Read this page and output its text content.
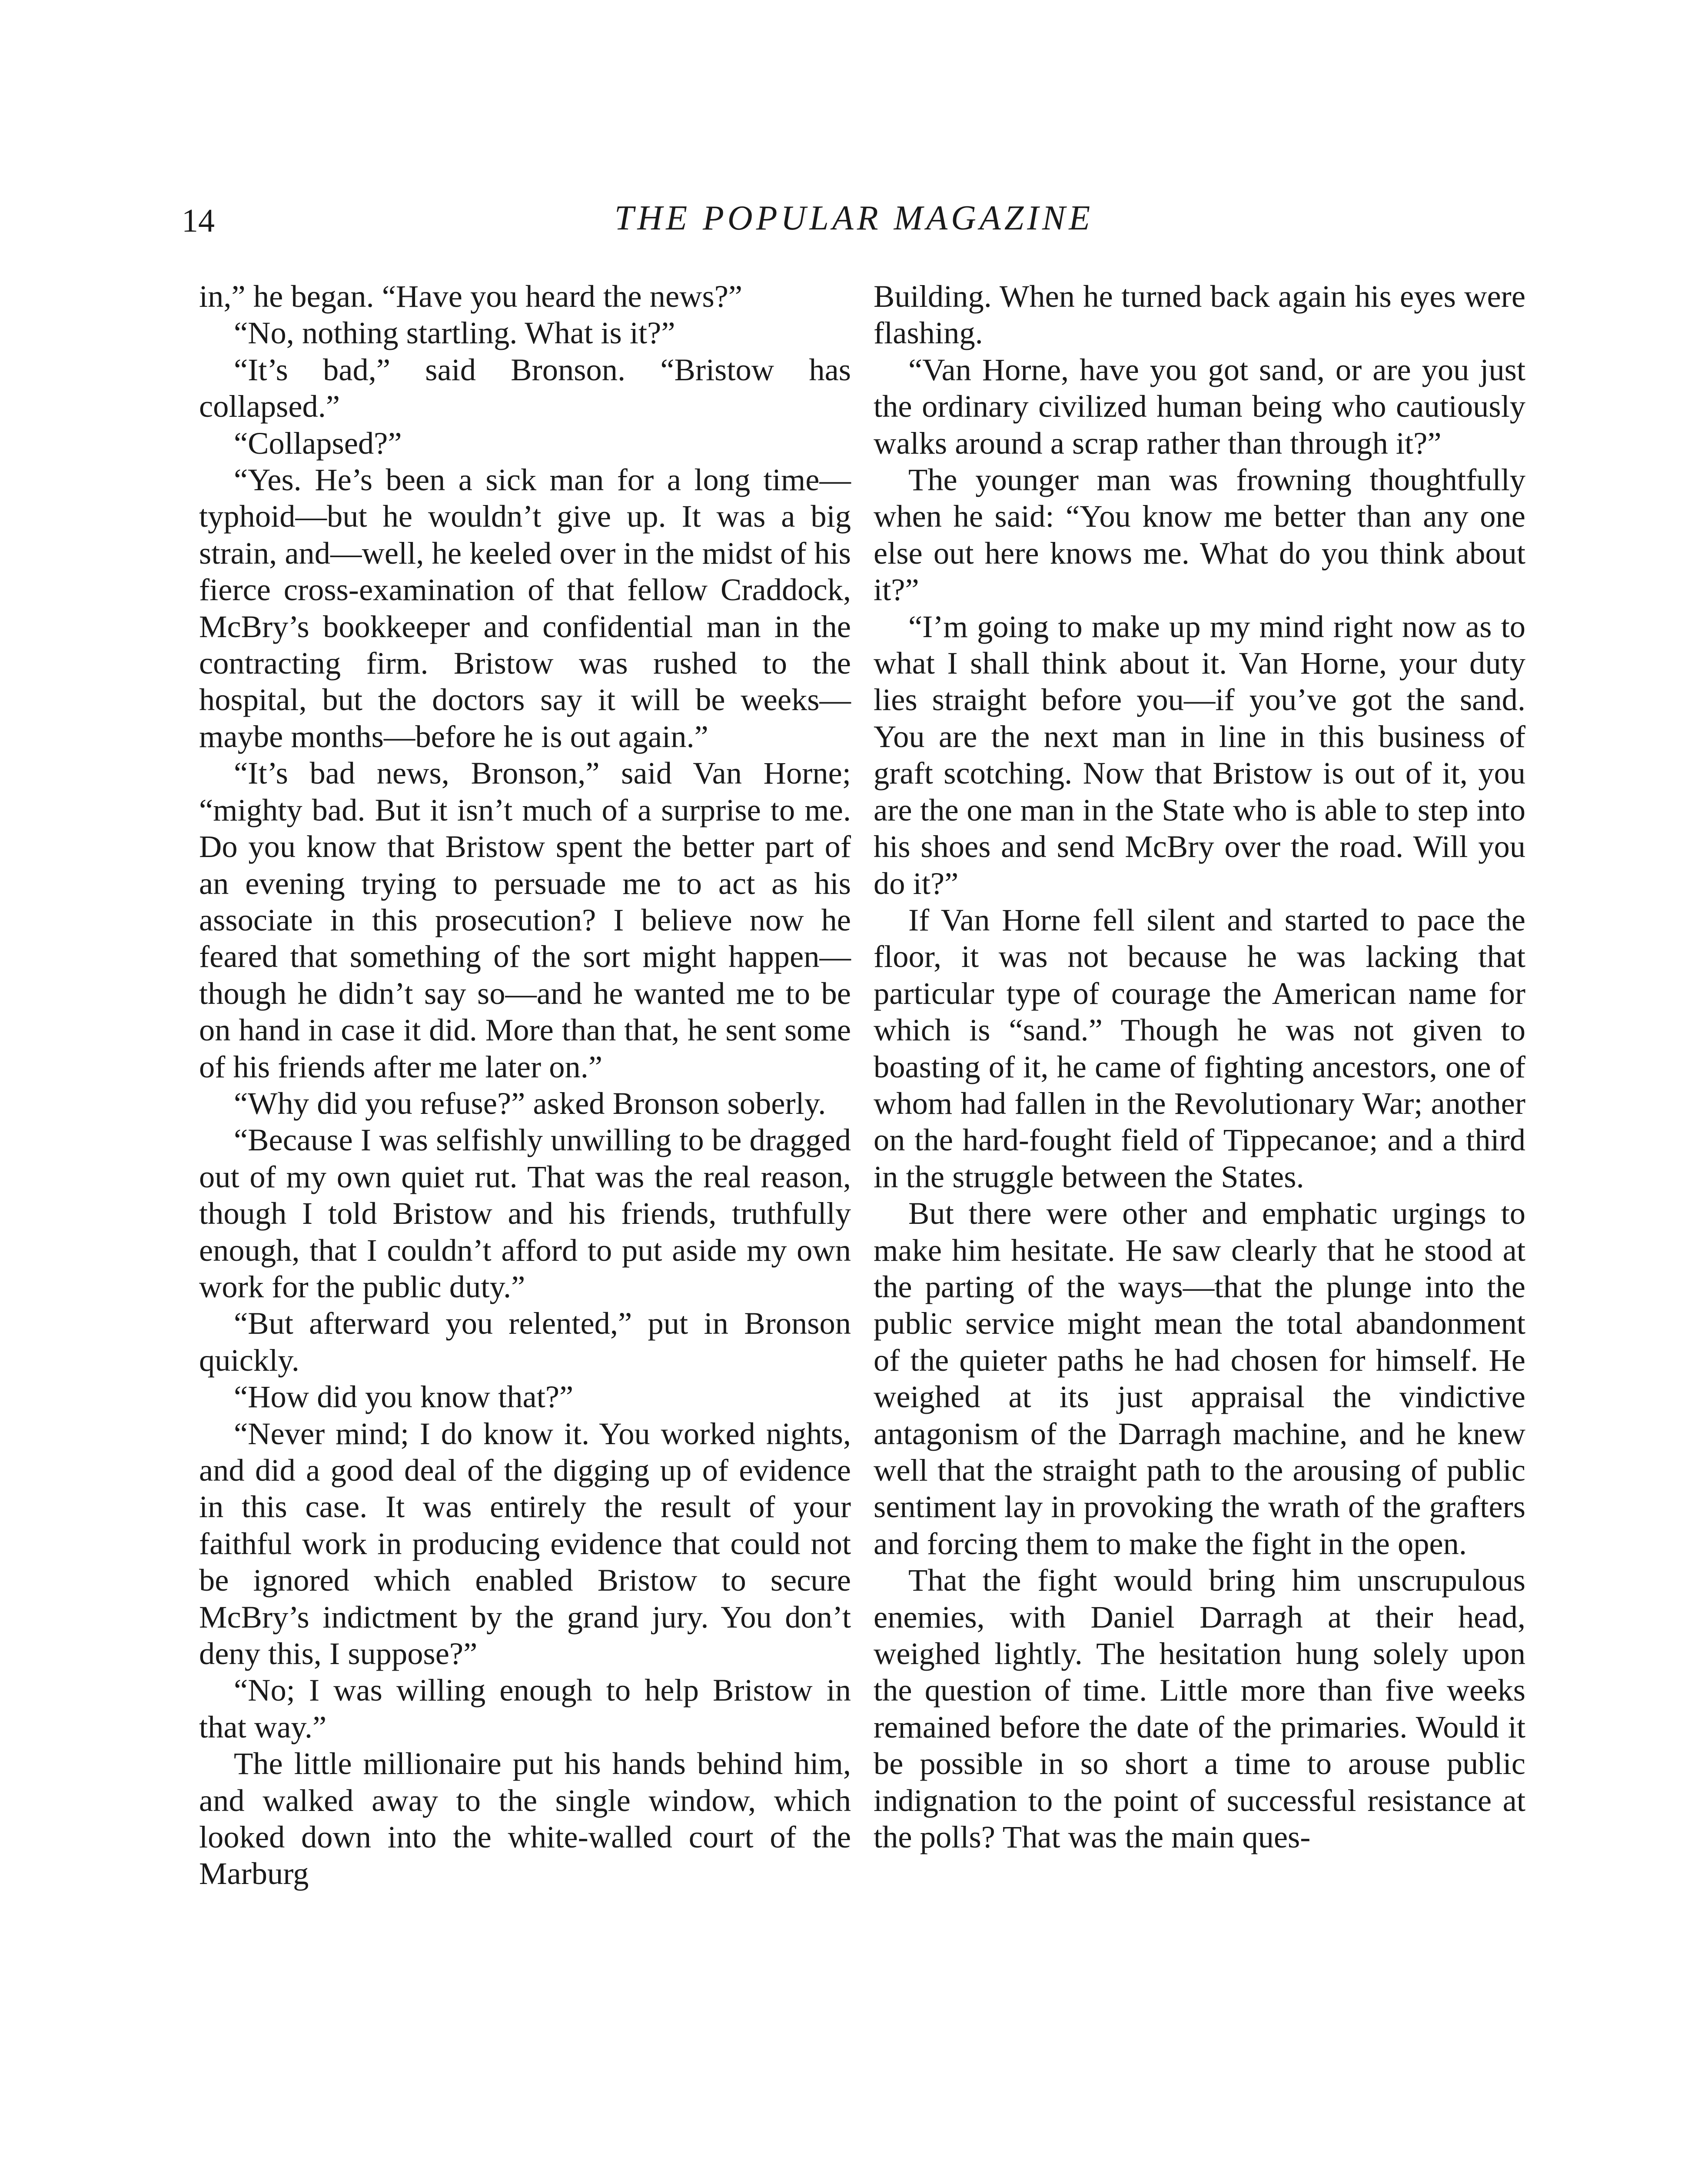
14	THE POPULAR MAGAZINE

in,” he began. “Have you heard the news?”

“No, nothing startling. What is it?”

“It’s bad,” said Bronson. “Bristow has collapsed.”

“Collapsed?”

“Yes. He’s been a sick man for a long time—typhoid—but he wouldn’t give up. It was a big strain, and—well, he keeled over in the midst of his fierce cross-examination of that fellow Craddock, McBry’s bookkeeper and confidential man in the contracting firm. Bristow was rushed to the hospital, but the doctors say it will be weeks—maybe months—before he is out again.”

“It’s bad news, Bronson,” said Van Horne; “mighty bad. But it isn’t much of a surprise to me. Do you know that Bristow spent the better part of an evening trying to persuade me to act as his associate in this prosecution? I believe now he feared that something of the sort might happen—though he didn’t say so—and he wanted me to be on hand in case it did. More than that, he sent some of his friends after me later on.”

“Why did you refuse?” asked Bronson soberly.

“Because I was selfishly unwilling to be dragged out of my own quiet rut. That was the real reason, though I told Bristow and his friends, truthfully enough, that I couldn’t afford to put aside my own work for the public duty.”

“But afterward you relented,” put in Bronson quickly.

“How did you know that?”

“Never mind; I do know it. You worked nights, and did a good deal of the digging up of evidence in this case. It was entirely the result of your faithful work in producing evidence that could not be ignored which enabled Bristow to secure McBry’s indictment by the grand jury. You don’t deny this, I suppose?”

“No; I was willing enough to help Bristow in that way.”

The little millionaire put his hands behind him, and walked away to the single window, which looked down into the white-walled court of the Marburg

Building. When he turned back again his eyes were flashing.

“Van Horne, have you got sand, or are you just the ordinary civilized human being who cautiously walks around a scrap rather than through it?”

The younger man was frowning thoughtfully when he said: “You know me better than any one else out here knows me. What do you think about it?”

“I’m going to make up my mind right now as to what I shall think about it. Van Horne, your duty lies straight before you—if you’ve got the sand. You are the next man in line in this business of graft scotching. Now that Bristow is out of it, you are the one man in the State who is able to step into his shoes and send McBry over the road. Will you do it?”

If Van Horne fell silent and started to pace the floor, it was not because he was lacking that particular type of courage the American name for which is “sand.” Though he was not given to boasting of it, he came of fighting ancestors, one of whom had fallen in the Revolutionary War; another on the hard-fought field of Tippecanoe; and a third in the struggle between the States.

But there were other and emphatic urgings to make him hesitate. He saw clearly that he stood at the parting of the ways—that the plunge into the public service might mean the total abandonment of the quieter paths he had chosen for himself. He weighed at its just appraisal the vindictive antagonism of the Darragh machine, and he knew well that the straight path to the arousing of public sentiment lay in provoking the wrath of the grafters and forcing them to make the fight in the open.

That the fight would bring him unscrupulous enemies, with Daniel Darragh at their head, weighed lightly. The hesitation hung solely upon the question of time. Little more than five weeks remained before the date of the primaries. Would it be possible in so short a time to arouse public indignation to the point of successful resistance at the polls? That was the main ques-
